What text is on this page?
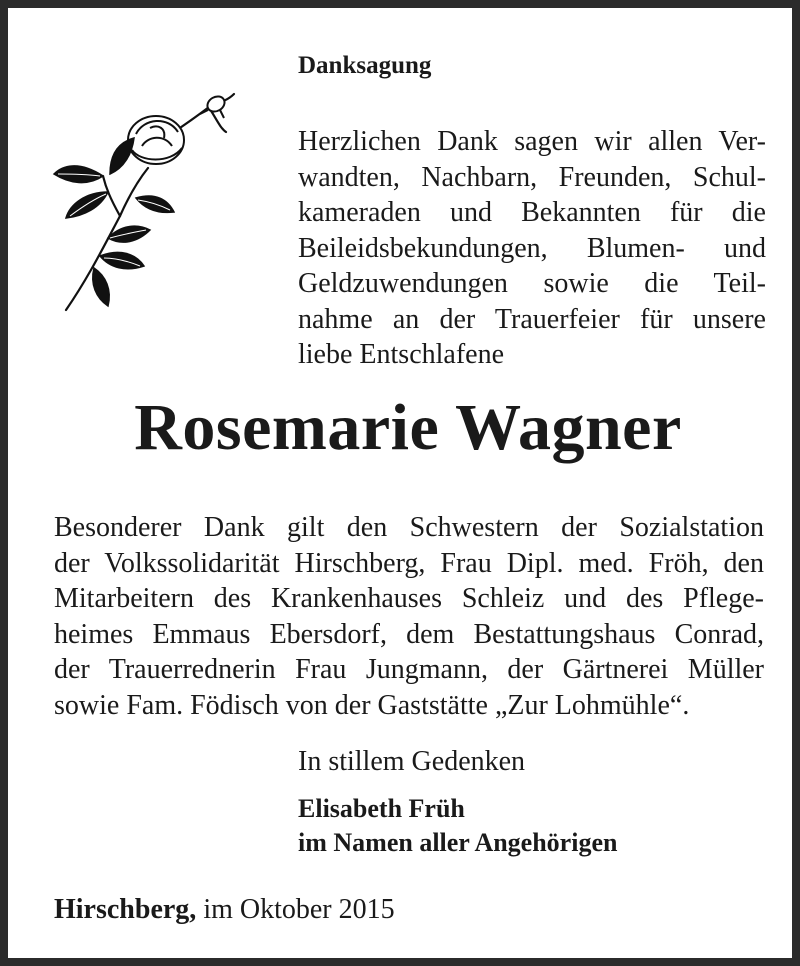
Danksagung
Herzlichen Dank sagen wir allen Ver-
wandten, Nachbarn, Freunden, Schul-
kameraden und Bekannten für die
Beileidsbekundungen, Blumen- und
Geldzuwendungen sowie die Teil-
nahme an der Trauerfeier für unsere
liebe Entschlafene
Rosemarie Wagner
Besonderer Dank gilt den Schwestern der Sozialstation
der Volkssolidarität Hirschberg, Frau Dipl. med. Fröh, den
Mitarbeitern des Krankenhauses Schleiz und des Pflege-
heimes Emmaus Ebersdorf, dem Bestattungshaus Conrad,
der Trauerrednerin Frau Jungmann, der Gärtnerei Müller
sowie Fam. Födisch von der Gaststätte „Zur Lohmühle“.
In stillem Gedenken
Elisabeth Früh
im Namen aller Angehörigen
Hirschberg, im Oktober 2015
